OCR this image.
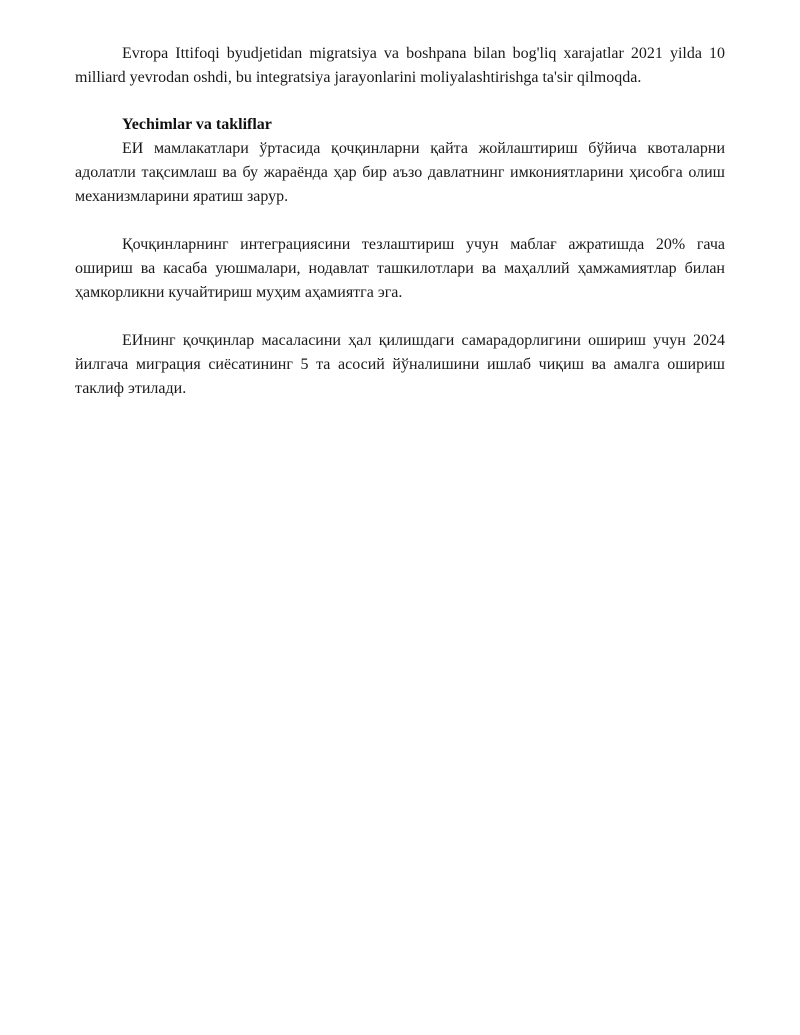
Evropa Ittifoqi byudjetidan migratsiya va boshpana bilan bog'liq xarajatlar 2021 yilda 10 milliard yevrodan oshdi, bu integratsiya jarayonlarini moliyalashtirishga ta'sir qilmoqda.

Yechimlar va takliflar

ЕИ мамлакатлари ўртасида қочқинларни қайта жойлаштириш бўйича квоталарни адолатли тақсимлаш ва бу жараёнда ҳар бир аъзо давлатнинг имкониятларини ҳисобга олиш механизмларини яратиш зарур.

Қочқинларнинг интеграциясини тезлаштириш учун маблағ ажратишда 20% гача ошириш ва касаба уюшмалари, нодавлат ташкилотлари ва маҳаллий ҳамжамиятлар билан ҳамкорликни кучайтириш муҳим аҳамиятга эга.

ЕИнинг қочқинлар масаласини ҳал қилишдаги самарадорлигини ошириш учун 2024 йилгача миграция сиёсатининг 5 та асосий йўналишини ишлаб чиқиш ва амалга ошириш таклиф этилади.
